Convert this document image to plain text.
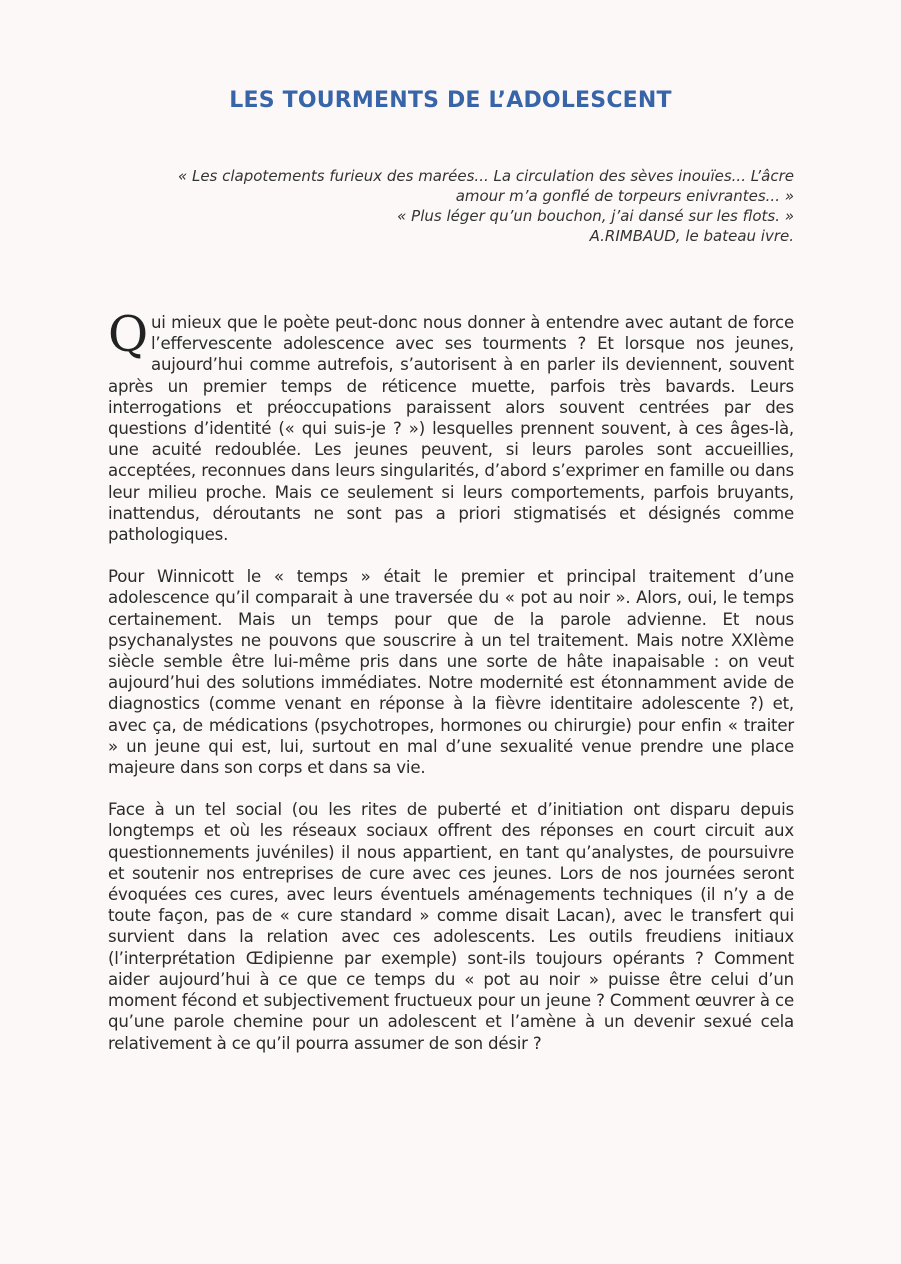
LES TOURMENTS DE L’ADOLESCENT
« Les clapotements furieux des marées... La circulation des sèves inouïes... L’âcre
amour m’a gonflé de torpeurs enivrantes... »
« Plus léger qu’un bouchon, j’ai dansé sur les flots. »
A.RIMBAUD, le bateau ivre.

Qui mieux que le poète peut-donc nous donner à entendre avec autant de force l’effervescente adolescence avec ses tourments ? Et lorsque nos jeunes, aujourd’hui comme autrefois, s’autorisent à en parler ils deviennent, souvent après un premier temps de réticence muette, parfois très bavards. Leurs interrogations et préoccupations paraissent alors souvent centrées par des questions d’identité (« qui suis-je ? ») lesquelles prennent souvent, à ces âges-là, une acuité redoublée. Les jeunes peuvent, si leurs paroles sont accueillies, acceptées, reconnues dans leurs singularités, d’abord s’exprimer en famille ou dans leur milieu proche. Mais ce seulement si leurs comportements, parfois bruyants, inattendus, déroutants ne sont pas a priori stigmatisés et désignés comme pathologiques.

Pour Winnicott le « temps » était le premier et principal traitement d’une adolescence qu’il comparait à une traversée du « pot au noir ». Alors, oui, le temps certainement. Mais un temps pour que de la parole advienne. Et nous psychanalystes ne pouvons que souscrire à un tel traitement. Mais notre XXIème siècle semble être lui-même pris dans une sorte de hâte inapaisable : on veut aujourd’hui des solutions immédiates. Notre modernité est étonnamment avide de diagnostics (comme venant en réponse à la fièvre identitaire adolescente ?) et, avec ça, de médications (psychotropes, hormones ou chirurgie) pour enfin « traiter » un jeune qui est, lui, surtout en mal d’une sexualité venue prendre une place majeure dans son corps et dans sa vie.

Face à un tel social (ou les rites de puberté et d’initiation ont disparu depuis longtemps et où les réseaux sociaux offrent des réponses en court circuit aux questionnements juvéniles) il nous appartient, en tant qu’analystes, de poursuivre et soutenir nos entreprises de cure avec ces jeunes. Lors de nos journées seront évoquées ces cures, avec leurs éventuels aménagements techniques (il n’y a de toute façon, pas de « cure standard » comme disait Lacan), avec le transfert qui survient dans la relation avec ces adolescents. Les outils freudiens initiaux (l’interprétation Œdipienne par exemple) sont-ils toujours opérants ? Comment aider aujourd’hui à ce que ce temps du « pot au noir » puisse être celui d’un moment fécond et subjectivement fructueux pour un jeune ? Comment œuvrer à ce qu’une parole chemine pour un adolescent et l’amène à un devenir sexué cela relativement à ce qu’il pourra assumer de son désir ?
